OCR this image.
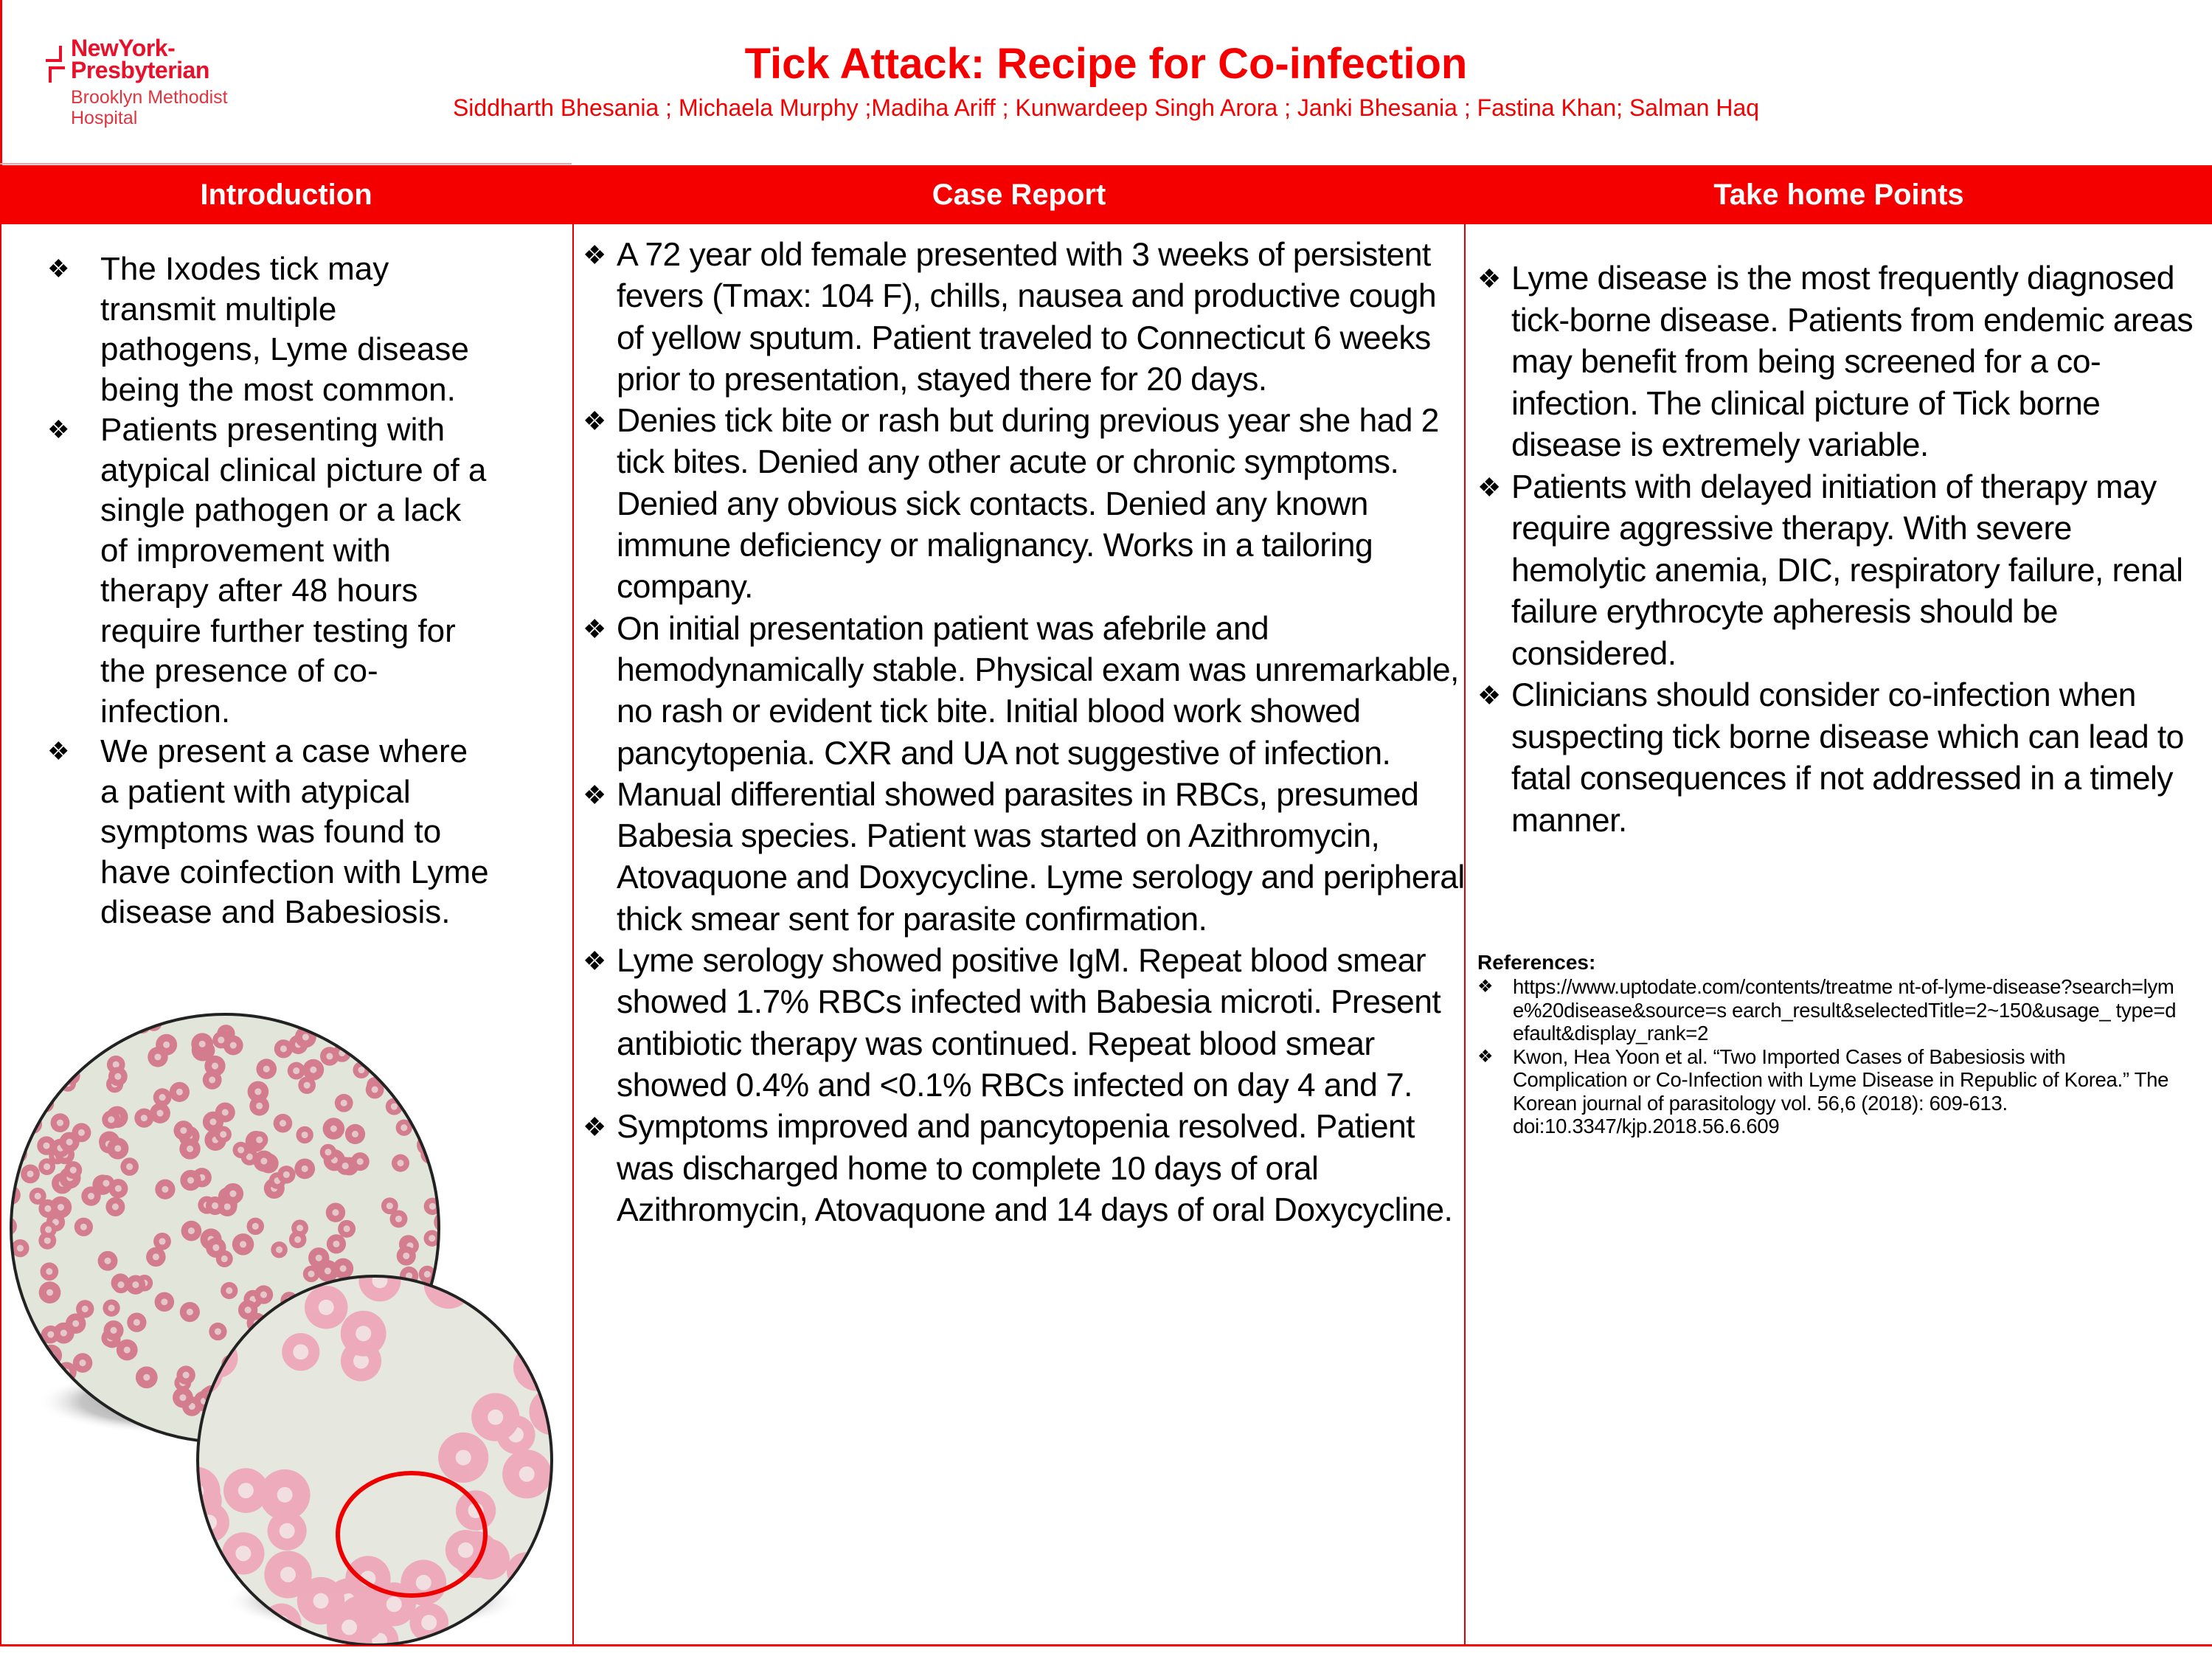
NewYork-
Presbyterian
Brooklyn Methodist
Hospital
Tick Attack: Recipe for Co-infection
Siddharth Bhesania ; Michaela Murphy ;Madiha Ariff ; Kunwardeep Singh Arora ; Janki Bhesania ; Fastina Khan; Salman Haq
Introduction	Case Report	Take home Points
❖ The Ixodes tick may transmit multiple pathogens, Lyme disease being the most common.
❖ Patients presenting with atypical clinical picture of a single pathogen or a lack of improvement with therapy after 48 hours require further testing for the presence of co-infection.
❖ We present a case where a patient with atypical symptoms was found to have coinfection with Lyme disease and Babesiosis.
❖ A 72 year old female presented with 3 weeks of persistent fevers (Tmax: 104 F), chills, nausea and productive cough of yellow sputum. Patient traveled to Connecticut 6 weeks prior to presentation, stayed there for 20 days.
❖ Denies tick bite or rash but during previous year she had 2 tick bites. Denied any other acute or chronic symptoms. Denied any obvious sick contacts. Denied any known immune deficiency or malignancy. Works in a tailoring company.
❖ On initial presentation patient was afebrile and hemodynamically stable. Physical exam was unremarkable, no rash or evident tick bite. Initial blood work showed pancytopenia. CXR and UA not suggestive of infection.
❖ Manual differential showed parasites in RBCs, presumed Babesia species. Patient was started on Azithromycin, Atovaquone and Doxycycline. Lyme serology and peripheral thick smear sent for parasite confirmation.
❖ Lyme serology showed positive IgM. Repeat blood smear showed 1.7% RBCs infected with Babesia microti. Present antibiotic therapy was continued. Repeat blood smear showed 0.4% and <0.1% RBCs infected on day 4 and 7.
❖ Symptoms improved and pancytopenia resolved. Patient was discharged home to complete 10 days of oral Azithromycin, Atovaquone and 14 days of oral Doxycycline.
❖ Lyme disease is the most frequently diagnosed tick-borne disease. Patients from endemic areas may benefit from being screened for a co-infection. The clinical picture of Tick borne disease is extremely variable.
❖ Patients with delayed initiation of therapy may require aggressive therapy. With severe hemolytic anemia, DIC, respiratory failure, renal failure erythrocyte apheresis should be considered.
❖ Clinicians should consider co-infection when suspecting tick borne disease which can lead to fatal consequences if not addressed in a timely manner.
References:
❖ https://www.uptodate.com/contents/treatme nt-of-lyme-disease?search=lyme%20disease&source=s earch_result&selectedTitle=2~150&usage_ type=default&display_rank=2
❖ Kwon, Hea Yoon et al. “Two Imported Cases of Babesiosis with Complication or Co-Infection with Lyme Disease in Republic of Korea.” The Korean journal of parasitology vol. 56,6 (2018): 609-613. doi:10.3347/kjp.2018.56.6.609
